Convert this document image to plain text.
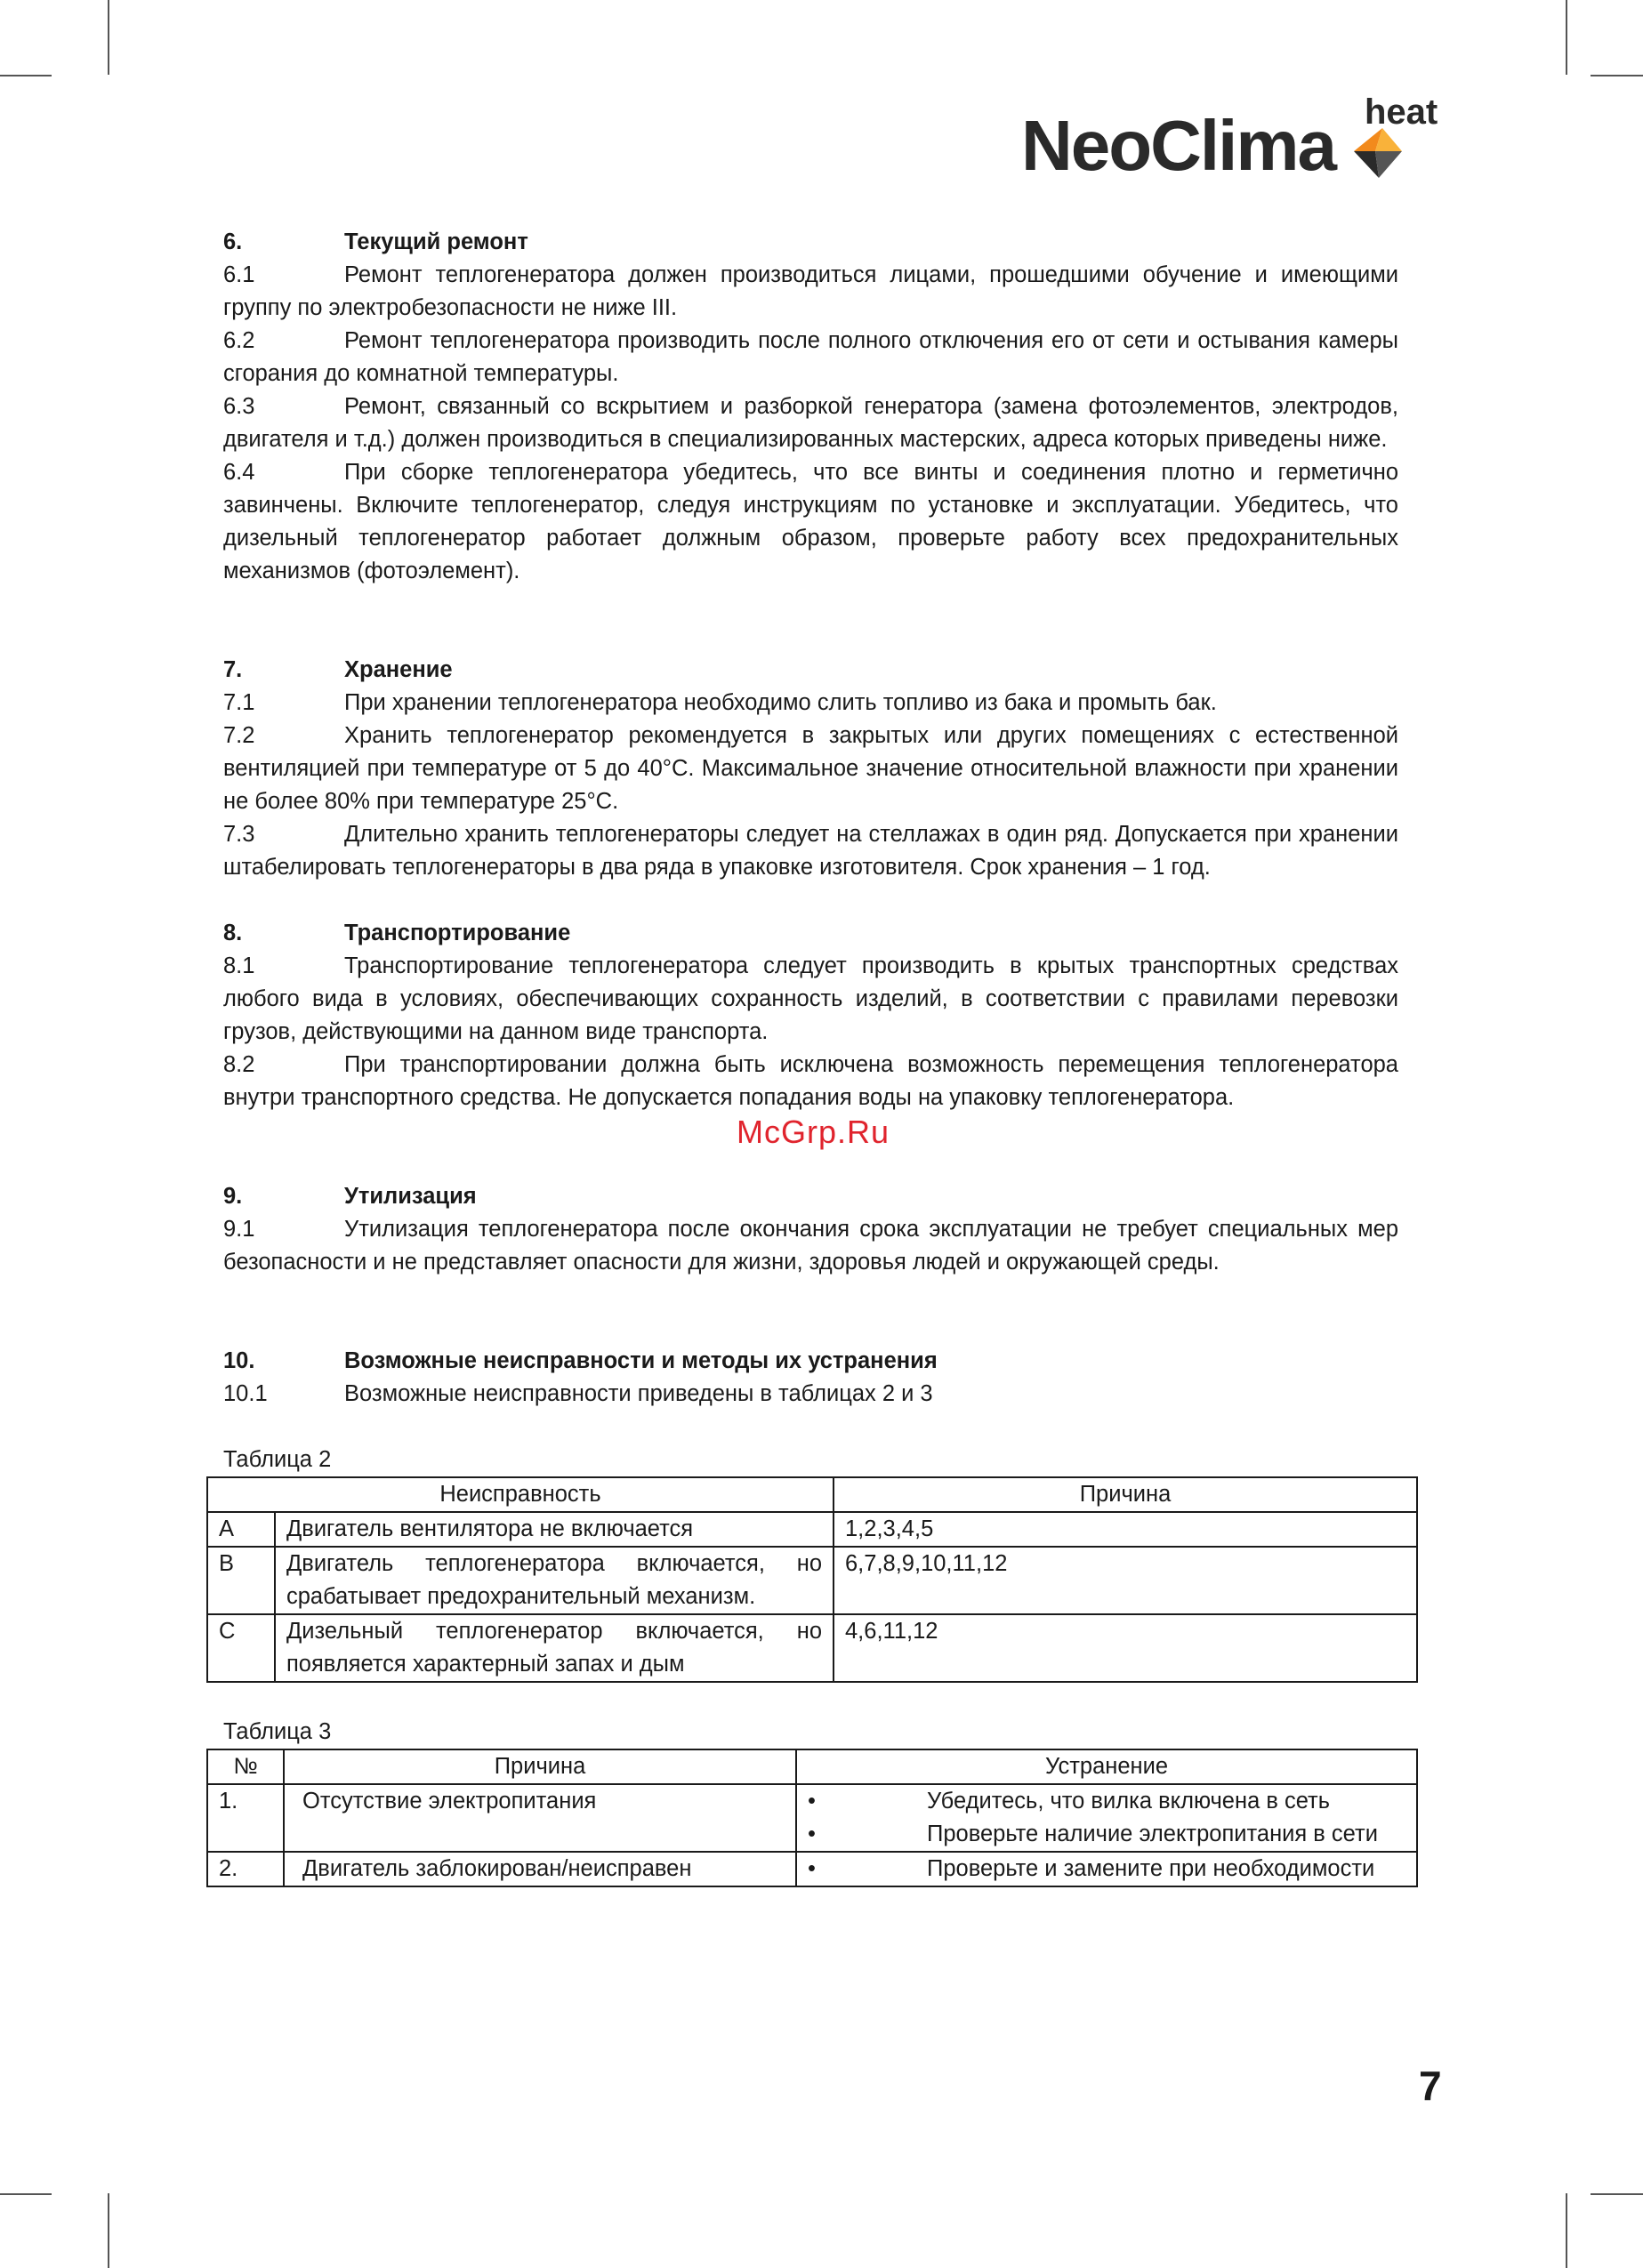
NeoClima heat
McGrp.Ru
6.	Текущий ремонт
6.1	Ремонт теплогенератора должен производиться лицами, прошедшими обучение и имеющими группу по электробезопасности не ниже III.
6.2	Ремонт теплогенератора производить после полного отключения его от сети и остывания камеры сгорания до комнатной температуры.
6.3	Ремонт, связанный со вскрытием и разборкой генератора (замена фотоэлементов, электродов, двигателя и т.д.) должен производиться в специализированных мастерских, адреса которых приведены ниже.
6.4	При сборке теплогенератора убедитесь, что все винты и соединения плотно и герметично завинчены. Включите теплогенератор, следуя инструкциям по установке и эксплуатации. Убедитесь, что дизельный теплогенератор работает должным образом, проверьте работу всех предохранительных механизмов (фотоэлемент).
7.	Хранение
7.1	При хранении теплогенератора необходимо слить топливо из бака и промыть бак.
7.2	Хранить теплогенератор рекомендуется в закрытых или других помещениях с естественной вентиляцией при температуре от 5 до 40°С. Максимальное значение относительной влажности при хранении не более 80% при температуре 25°С.
7.3	Длительно хранить теплогенераторы следует на стеллажах в один ряд. Допускается при хранении штабелировать теплогенераторы в два ряда в упаковке изготовителя. Срок хранения – 1 год.
8.	Транспортирование
8.1	Транспортирование теплогенератора следует производить в крытых транспортных средствах любого вида в условиях, обеспечивающих сохранность изделий, в соответствии с правилами перевозки грузов, действующими на данном виде транспорта.
8.2	При транспортировании должна быть исключена возможность перемещения теплогенератора внутри транспортного средства. Не допускается попадания воды на упаковку теплогенератора.
9.	Утилизация
9.1	Утилизация теплогенератора после окончания срока эксплуатации не требует специальных мер безопасности и не представляет опасности для жизни, здоровья людей и окружающей среды.
10.	Возможные неисправности и методы их устранения
10.1	Возможные неисправности приведены в таблицах 2 и 3
Таблица 2
Неисправность		Причина
A	Двигатель вентилятора не включается	1,2,3,4,5
B	Двигатель теплогенератора включается, но срабатывает предохранительный механизм.	6,7,8,9,10,11,12
C	Дизельный теплогенератор включается, но появляется характерный запах и дым	4,6,11,12
Таблица 3
№	Причина	Устранение
1.	Отсутствие электропитания	• Убедитесь, что вилка включена в сеть
• Проверьте наличие электропитания в сети

2.	Двигатель заблокирован/неисправен	• Проверьте и замените при необходимости
7
